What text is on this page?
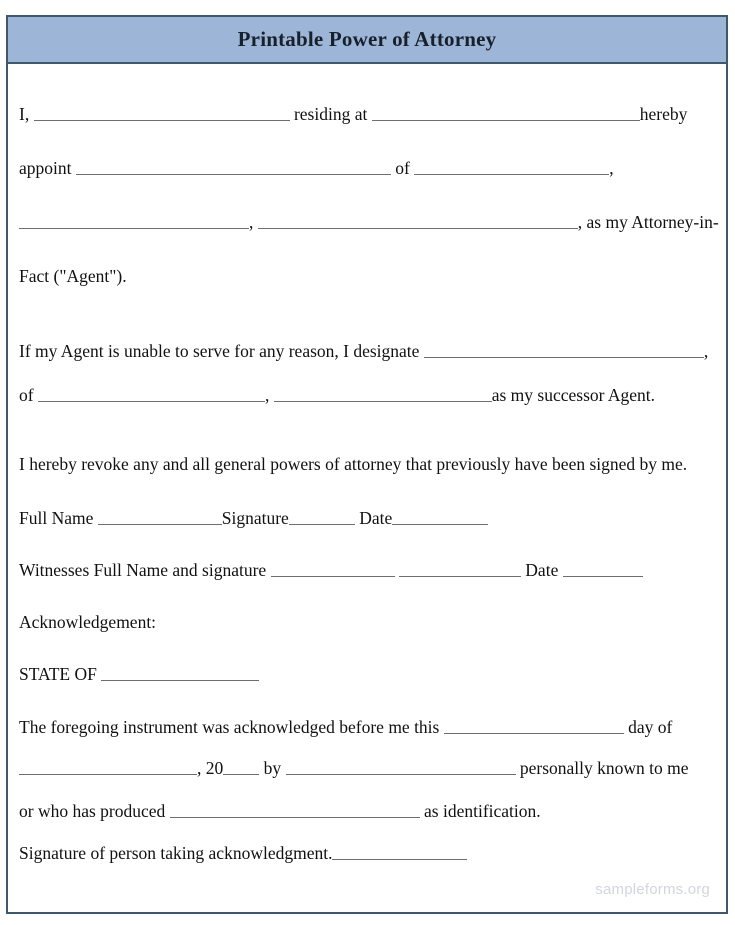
Printable Power of Attorney
I,	residing at	hereby
appoint	of	,
,	, as my Attorney-in-
Fact ("Agent").
If my Agent is unable to serve for any reason, I designate	,
of	,	as my successor Agent.
I hereby revoke any and all general powers of attorney that previously have been signed by me.
Full Name	Signature	Date
Witnesses Full Name and signature	Date
Acknowledgement:
STATE OF
The foregoing instrument was acknowledged before me this	day of
, 20 by	personally known to me
or who has produced	as identification.
Signature of person taking acknowledgment.
sampleforms.org
